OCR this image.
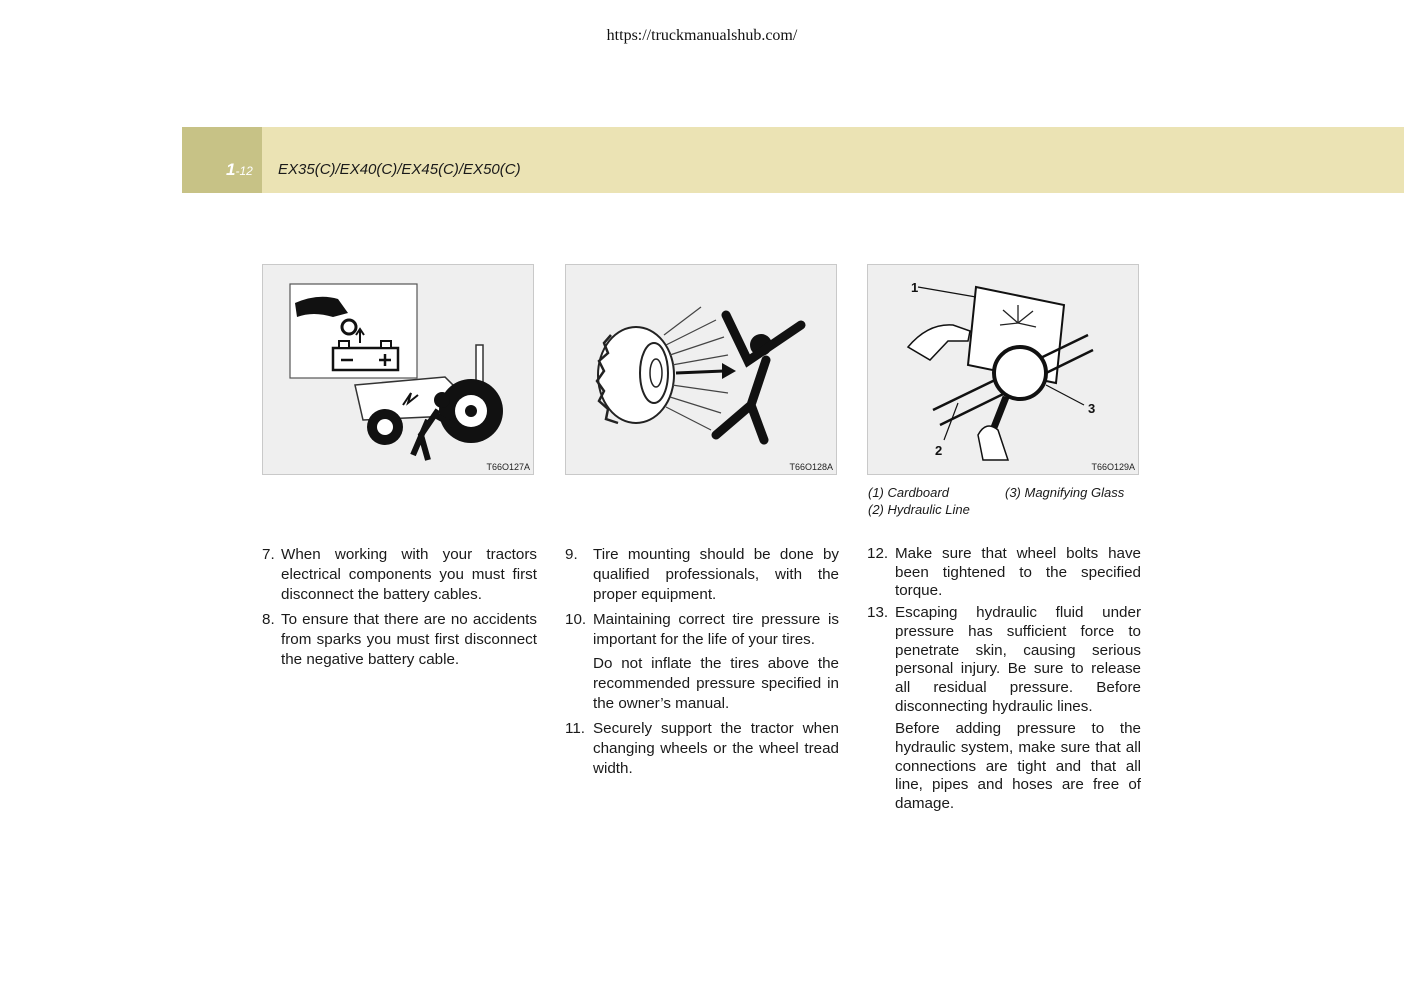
https://truckmanualshub.com/
1-12	EX35(C)/EX40(C)/EX45(C)/EX50(C)
T66O127A	T66O128A
1
2
3
T66O129A
(1) Cardboard	(3) Magnifying Glass
(2) Hydraulic Line
7. When working with your tractors electrical components you must first disconnect the battery cables.
8. To ensure that there are no accidents from sparks you must first disconnect the negative battery cable.
9. Tire mounting should be done by qualified professionals, with the proper equipment.
10. Maintaining correct tire pressure is important for the life of your tires.
Do not inflate the tires above the recommended pressure specified in the owner’s manual.
11. Securely support the tractor when changing wheels or the wheel tread width.
12. Make sure that wheel bolts have been tightened to the specified torque.
13. Escaping hydraulic fluid under pressure has sufficient force to penetrate skin, causing serious personal injury. Be sure to release all residual pressure. Before disconnecting hydraulic lines.
Before adding pressure to the hydraulic system, make sure that all connections are tight and that all line, pipes and hoses are free of damage.
